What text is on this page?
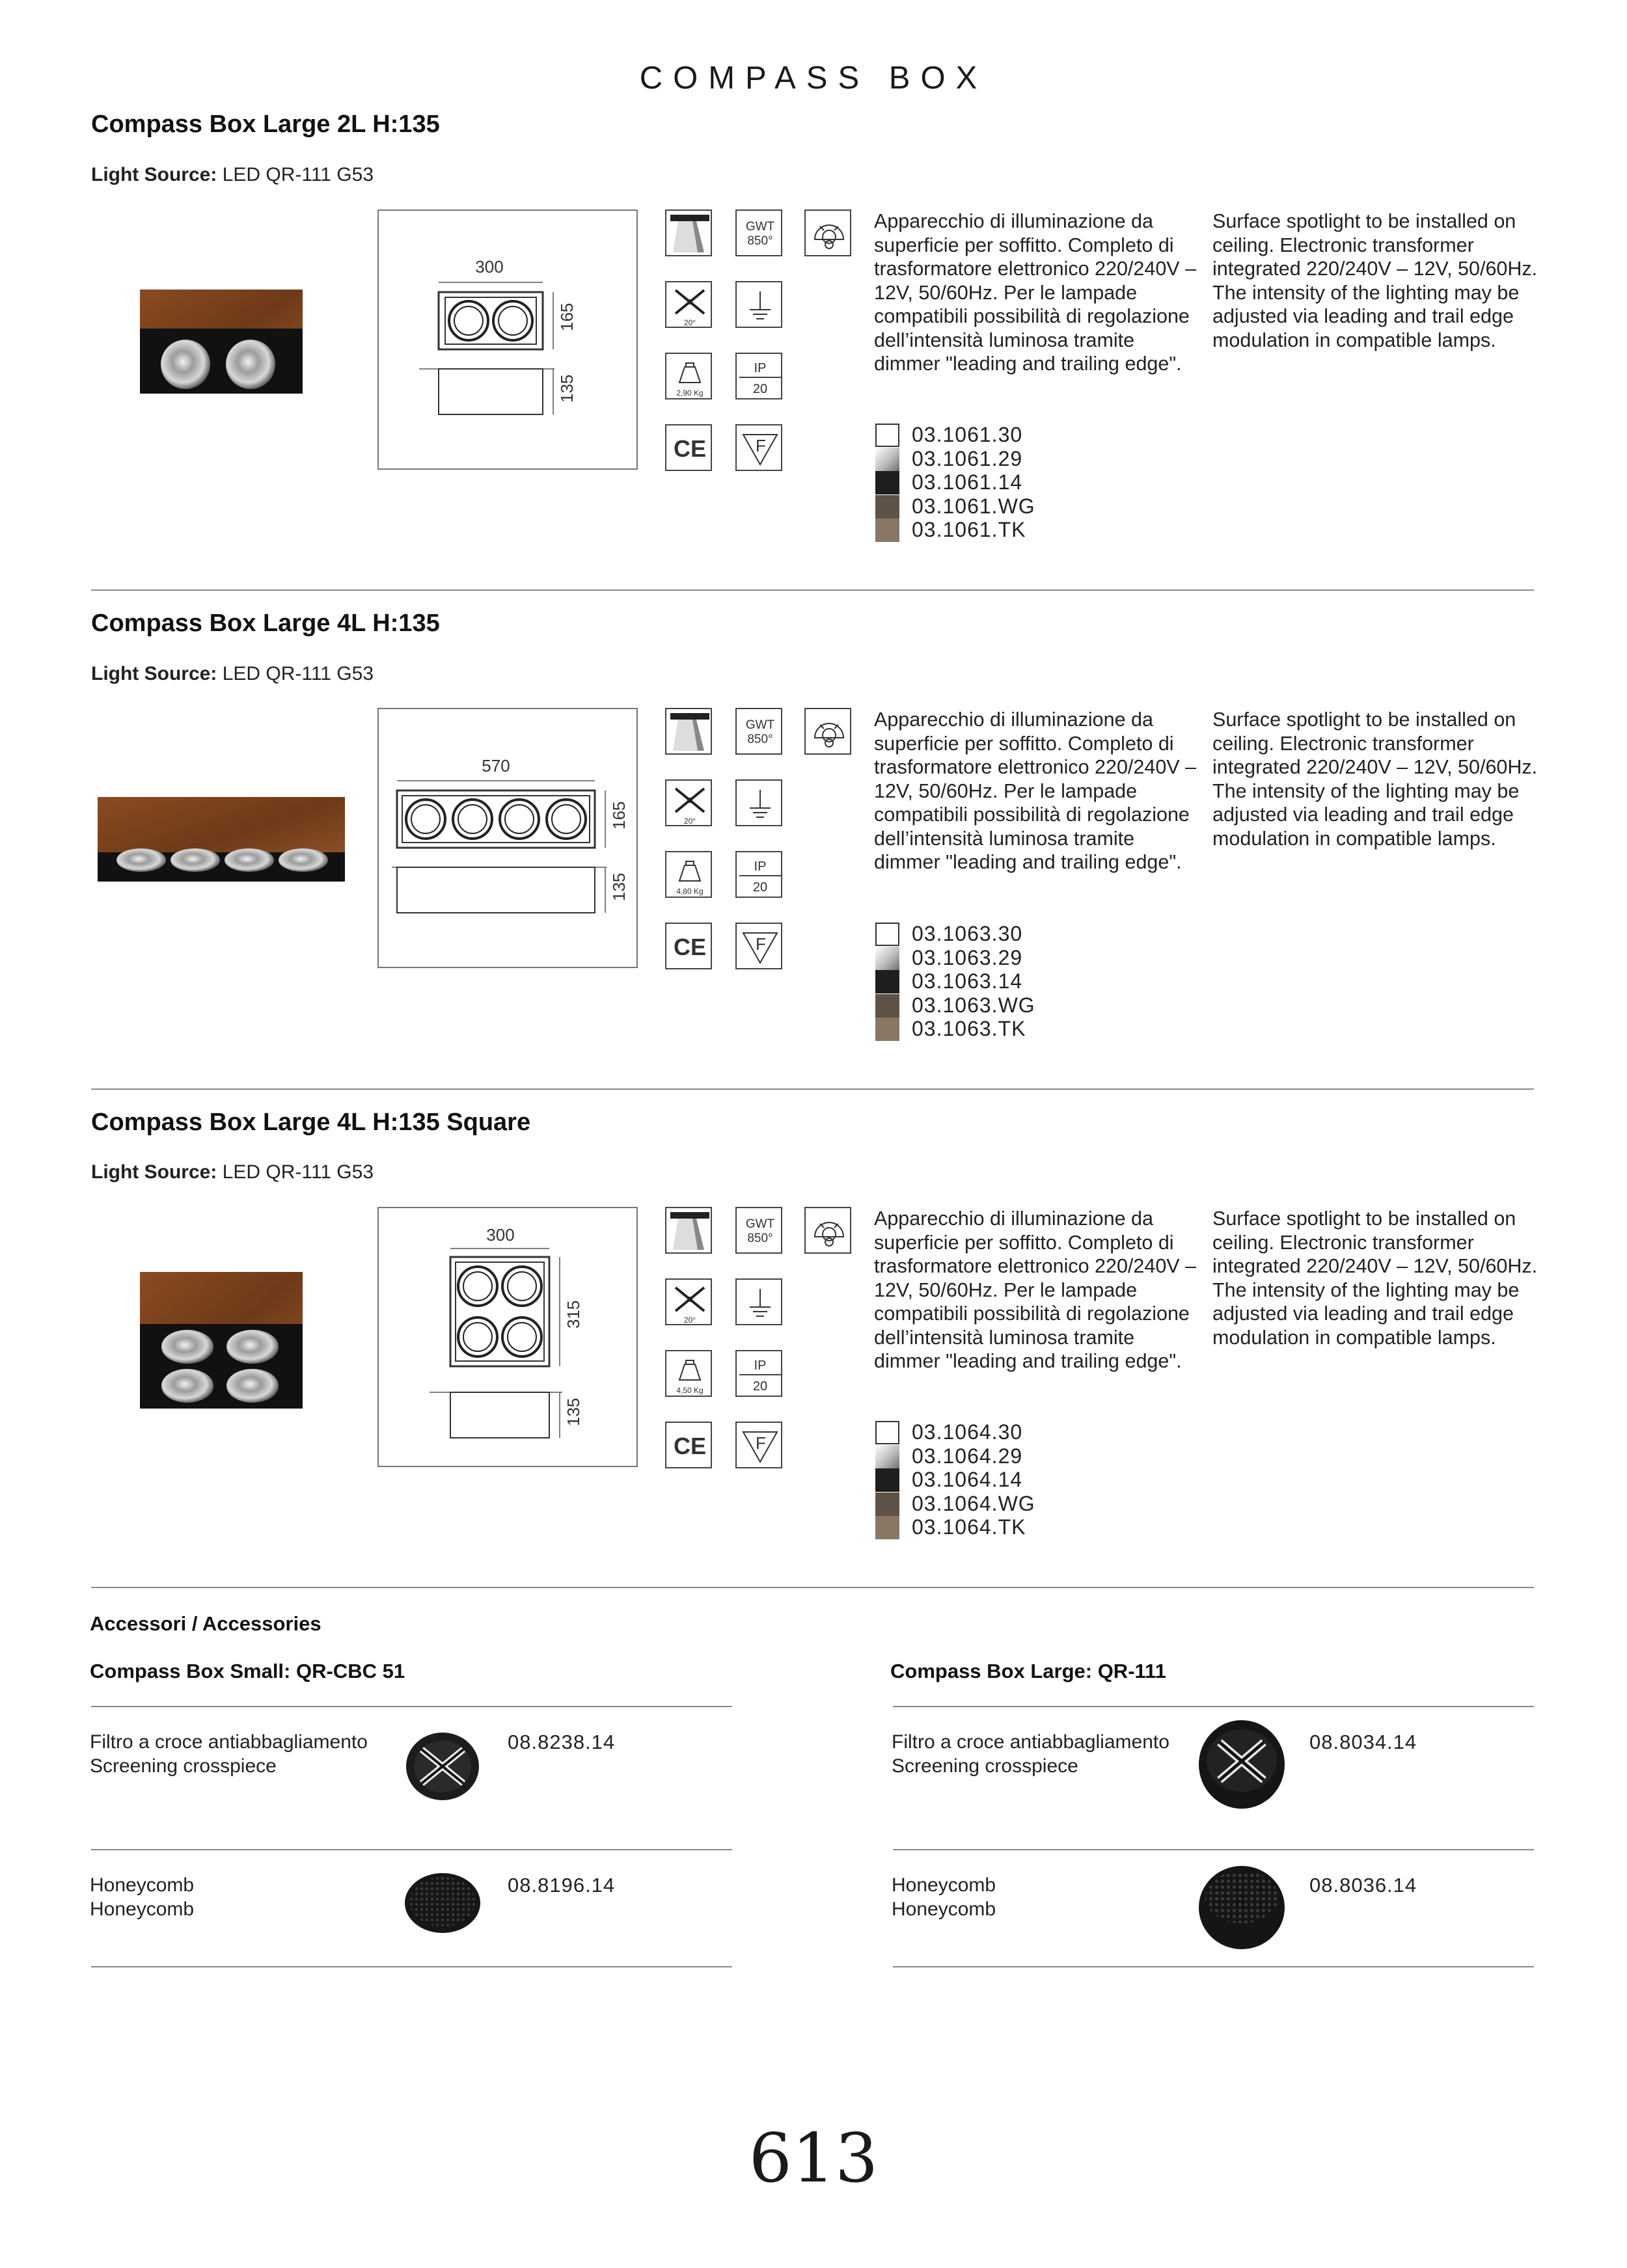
COMPASS BOX
Compass Box Large 2L H:135
Light Source: LED QR-111 G53
300
165
135
20°
2,90 Kg
CE
GWT
850°
IP
20
F
Apparecchio di illuminazione da superficie per soffitto. Completo di trasformatore elettronico 220/240V – 12V, 50/60Hz. Per le lampade compatibili possibilità di regolazione dell’intensità luminosa tramite dimmer "leading and trailing edge".
Surface spotlight to be installed on ceiling. Electronic transformer integrated 220/240V – 12V, 50/60Hz. The intensity of the lighting may be adjusted via leading and trail edge modulation in compatible lamps.
03.1061.30
03.1061.29
03.1061.14
03.1061.WG
03.1061.TK
Compass Box Large 4L H:135
Light Source: LED QR-111 G53
570
165
135
20°
4,80 Kg
CE
GWT
850°
IP
20
F
Apparecchio di illuminazione da superficie per soffitto. Completo di trasformatore elettronico 220/240V – 12V, 50/60Hz. Per le lampade compatibili possibilità di regolazione dell’intensità luminosa tramite dimmer "leading and trailing edge".
Surface spotlight to be installed on ceiling. Electronic transformer integrated 220/240V – 12V, 50/60Hz. The intensity of the lighting may be adjusted via leading and trail edge modulation in compatible lamps.
03.1063.30
03.1063.29
03.1063.14
03.1063.WG
03.1063.TK
Compass Box Large 4L H:135 Square
Light Source: LED QR-111 G53
300
315
135
20°
4,50 Kg
CE
GWT
850°
IP
20
F
Apparecchio di illuminazione da superficie per soffitto. Completo di trasformatore elettronico 220/240V – 12V, 50/60Hz. Per le lampade compatibili possibilità di regolazione dell’intensità luminosa tramite dimmer "leading and trailing edge".
Surface spotlight to be installed on ceiling. Electronic transformer integrated 220/240V – 12V, 50/60Hz. The intensity of the lighting may be adjusted via leading and trail edge modulation in compatible lamps.
03.1064.30
03.1064.29
03.1064.14
03.1064.WG
03.1064.TK
Accessori / Accessories
Compass Box Small: QR-CBC 51
Filtro a croce antiabbagliamento
Screening crosspiece
08.8238.14
Honeycomb
Honeycomb
08.8196.14
Compass Box Large: QR-111
Filtro a croce antiabbagliamento
Screening crosspiece
08.8034.14
Honeycomb
Honeycomb
08.8036.14
613
